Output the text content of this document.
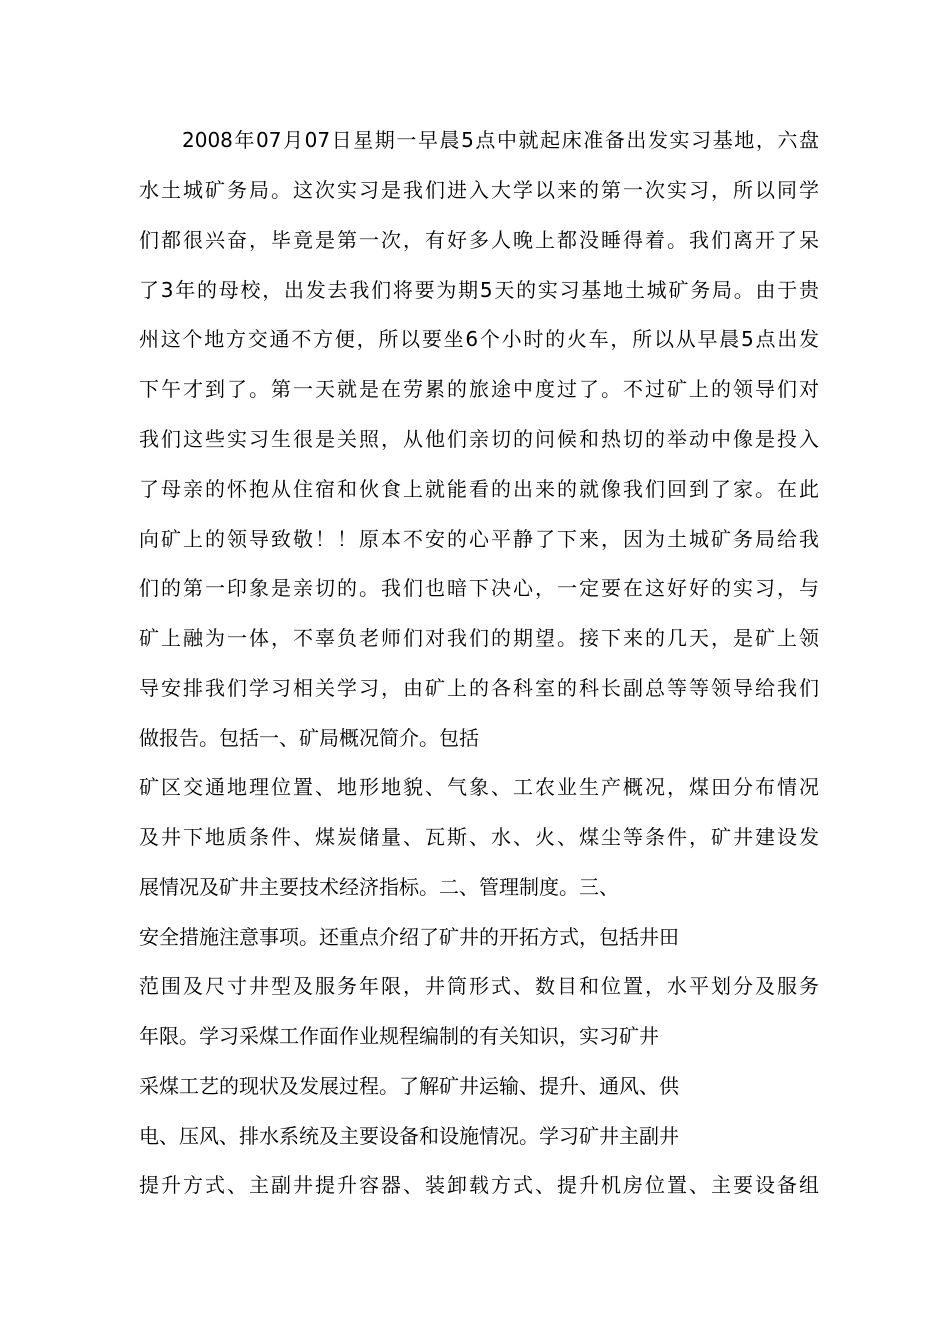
2008年07月07日星期一早晨5点中就起床准备出发实习基地，六盘
水土城矿务局。这次实习是我们进入大学以来的第一次实习，所以同学
们都很兴奋，毕竟是第一次，有好多人晚上都没睡得着。我们离开了呆
了3年的母校，出发去我们将要为期5天的实习基地土城矿务局。由于贵
州这个地方交通不方便，所以要坐6个小时的火车，所以从早晨5点出发
下午才到了。第一天就是在劳累的旅途中度过了。不过矿上的领导们对
我们这些实习生很是关照，从他们亲切的问候和热切的举动中像是投入
了母亲的怀抱从住宿和伙食上就能看的出来的就像我们回到了家。在此
向矿上的领导致敬！！原本不安的心平静了下来，因为土城矿务局给我
们的第一印象是亲切的。我们也暗下决心，一定要在这好好的实习，与
矿上融为一体，不辜负老师们对我们的期望。接下来的几天，是矿上领
导安排我们学习相关学习，由矿上的各科室的科长副总等等领导给我们
做报告。包括一、矿局概况简介。包括
矿区交通地理位置、地形地貌、气象、工农业生产概况，煤田分布情况
及井下地质条件、煤炭储量、瓦斯、水、火、煤尘等条件，矿井建设发
展情况及矿井主要技术经济指标。二、管理制度。三、
安全措施注意事项。还重点介绍了矿井的开拓方式，包括井田
范围及尺寸井型及服务年限，井筒形式、数目和位置，水平划分及服务
年限。学习采煤工作面作业规程编制的有关知识，实习矿井
采煤工艺的现状及发展过程。了解矿井运输、提升、通风、供
电、压风、排水系统及主要设备和设施情况。学习矿井主副井
提升方式、主副井提升容器、装卸载方式、提升机房位置、主要设备组
